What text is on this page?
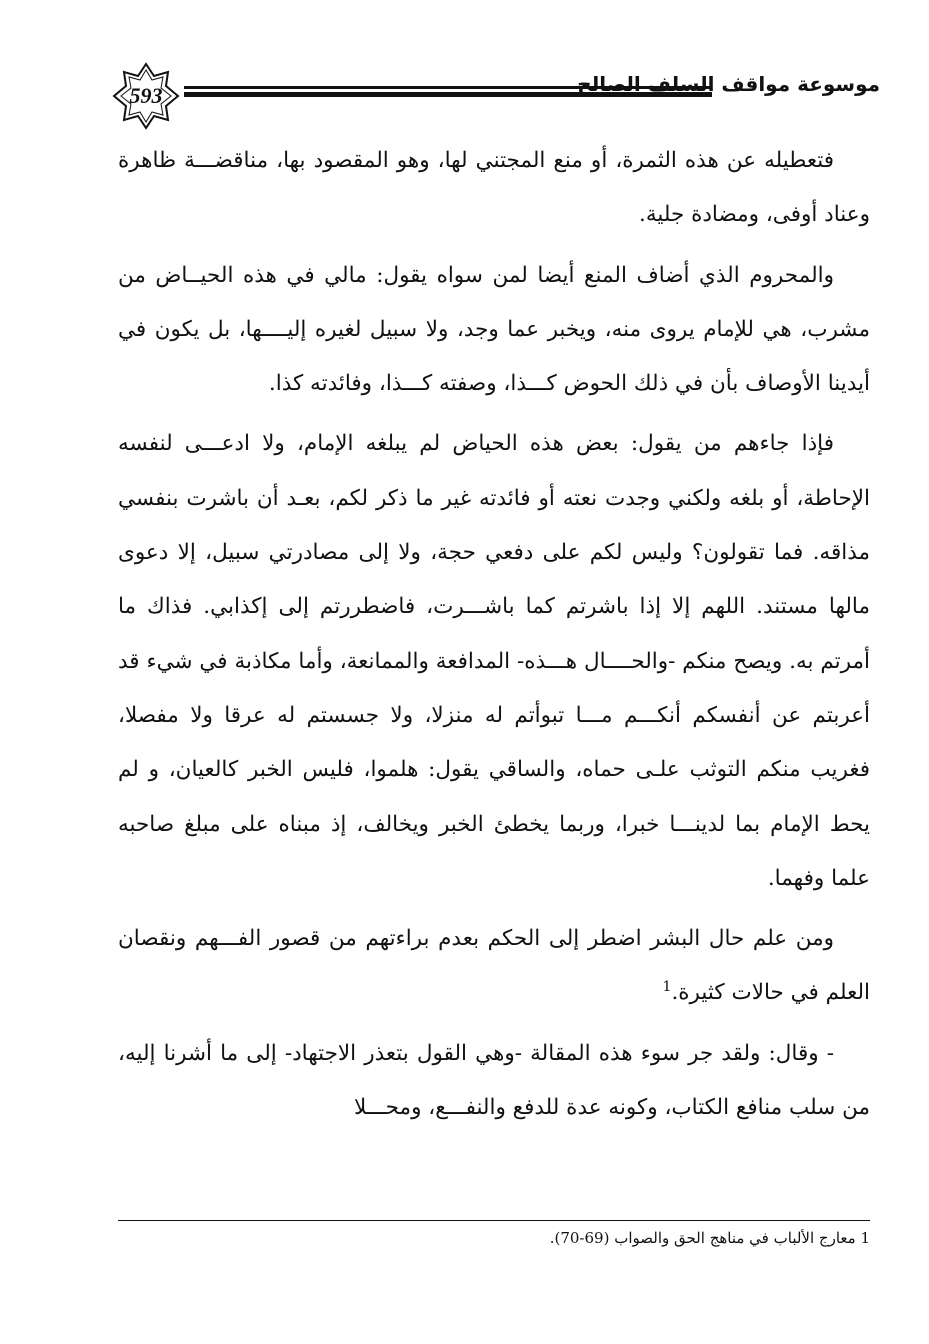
593	موسوعة مواقف السلف الصالح

فتعطيله عن هذه الثمرة، أو منع المجتني لها، وهو المقصود بها، مناقضـــة ظاهرة وعناد أوفى، ومضادة جلية.

والمحروم الذي أضاف المنع أيضا لمن سواه يقول: مالي في هذه الحيــاض من مشرب، هي للإمام يروى منه، ويخبر عما وجد، ولا سبيل لغيره إليــــها، بل يكون في أيدينا الأوصاف بأن في ذلك الحوض كـــذا، وصفته كـــذا، وفائدته كذا.

فإذا جاءهم من يقول: بعض هذه الحياض لم يبلغه الإمام، ولا ادعـــى لنفسه الإحاطة، أو بلغه ولكني وجدت نعته أو فائدته غير ما ذكر لكم، بعـد أن باشرت بنفسي مذاقه. فما تقولون؟ وليس لكم على دفعي حجة، ولا إلى مصادرتي سبيل، إلا دعوى مالها مستند. اللهم إلا إذا باشرتم كما باشـــرت، فاضطررتم إلى إكذابي. فذاك ما أمرتم به. ويصح منكم -والحــــال هـــذه- المدافعة والممانعة، وأما مكاذبة في شيء قد أعربتم عن أنفسكم أنكـــم مـــا تبوأتم له منزلا، ولا جسستم له عرقا ولا مفصلا، فغريب منكم التوثب علـى حماه، والساقي يقول: هلموا، فليس الخبر كالعيان، و لم يحط الإمام بما لدينـــا خبرا، وربما يخطئ الخبر ويخالف، إذ مبناه على مبلغ صاحبه علما وفهما.

ومن علم حال البشر اضطر إلى الحكم بعدم براءتهم من قصور الفـــهم ونقصان العلم في حالات كثيرة.$^1$

- وقال: ولقد جر سوء هذه المقالة -وهي القول بتعذر الاجتهاد- إلى ما أشرنا إليه، من سلب منافع الكتاب، وكونه عدة للدفع والنفـــع، ومحـــلا

1 معارج الألباب في مناهج الحق والصواب (69-70).
